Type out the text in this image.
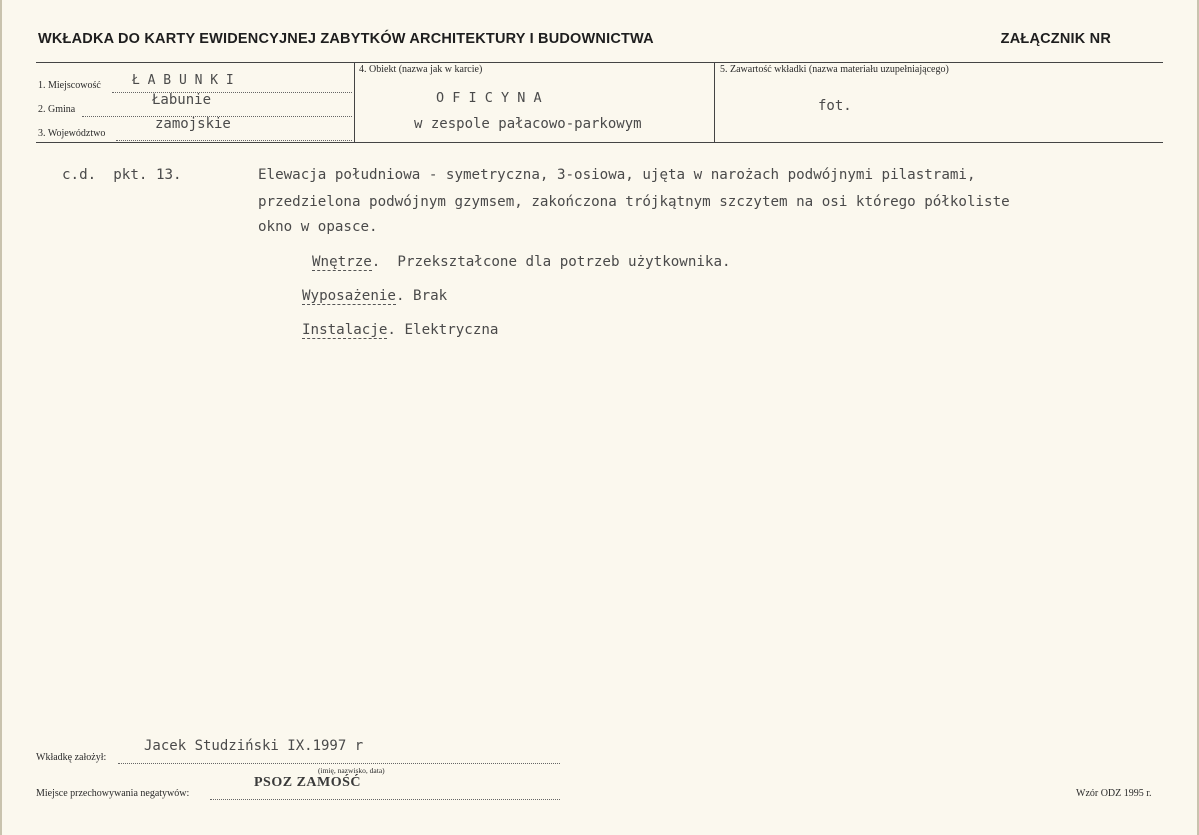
WKŁADKA DO KARTY EWIDENCYJNEJ ZABYTKÓW ARCHITEKTURY I BUDOWNICTWA	ZAŁĄCZNIK NR
1. Miejscowość Ł A B U N K I
2. Gmina
Łabunie
3. Województwo
zamojskie
4. Obiekt (nazwa jak w karcie)
O F I C Y N A
w zespole pałacowo-parkowym
5. Zawartość wkładki (nazwa materiału uzupełniającego)
fot.
c.d.  pkt. 13.	Elewacja południowa - symetryczna, 3-osiowa, ujęta w narożach podwójnymi pilastrami,
przedzielona podwójnym gzymsem, zakończona trójkątnym szczytem na osi którego półkoliste
okno w opasce.
Wnętrze.  Przekształcone dla potrzeb użytkownika.
Wyposażenie. Brak
Instalacje. Elektryczna
Wkładkę założył:
Jacek Studziński IX.1997 r
(imię, nazwisko, data)
Miejsce przechowywania negatywów:
PSOZ ZAMOŚĆ
Wzór ODZ 1995 r.
